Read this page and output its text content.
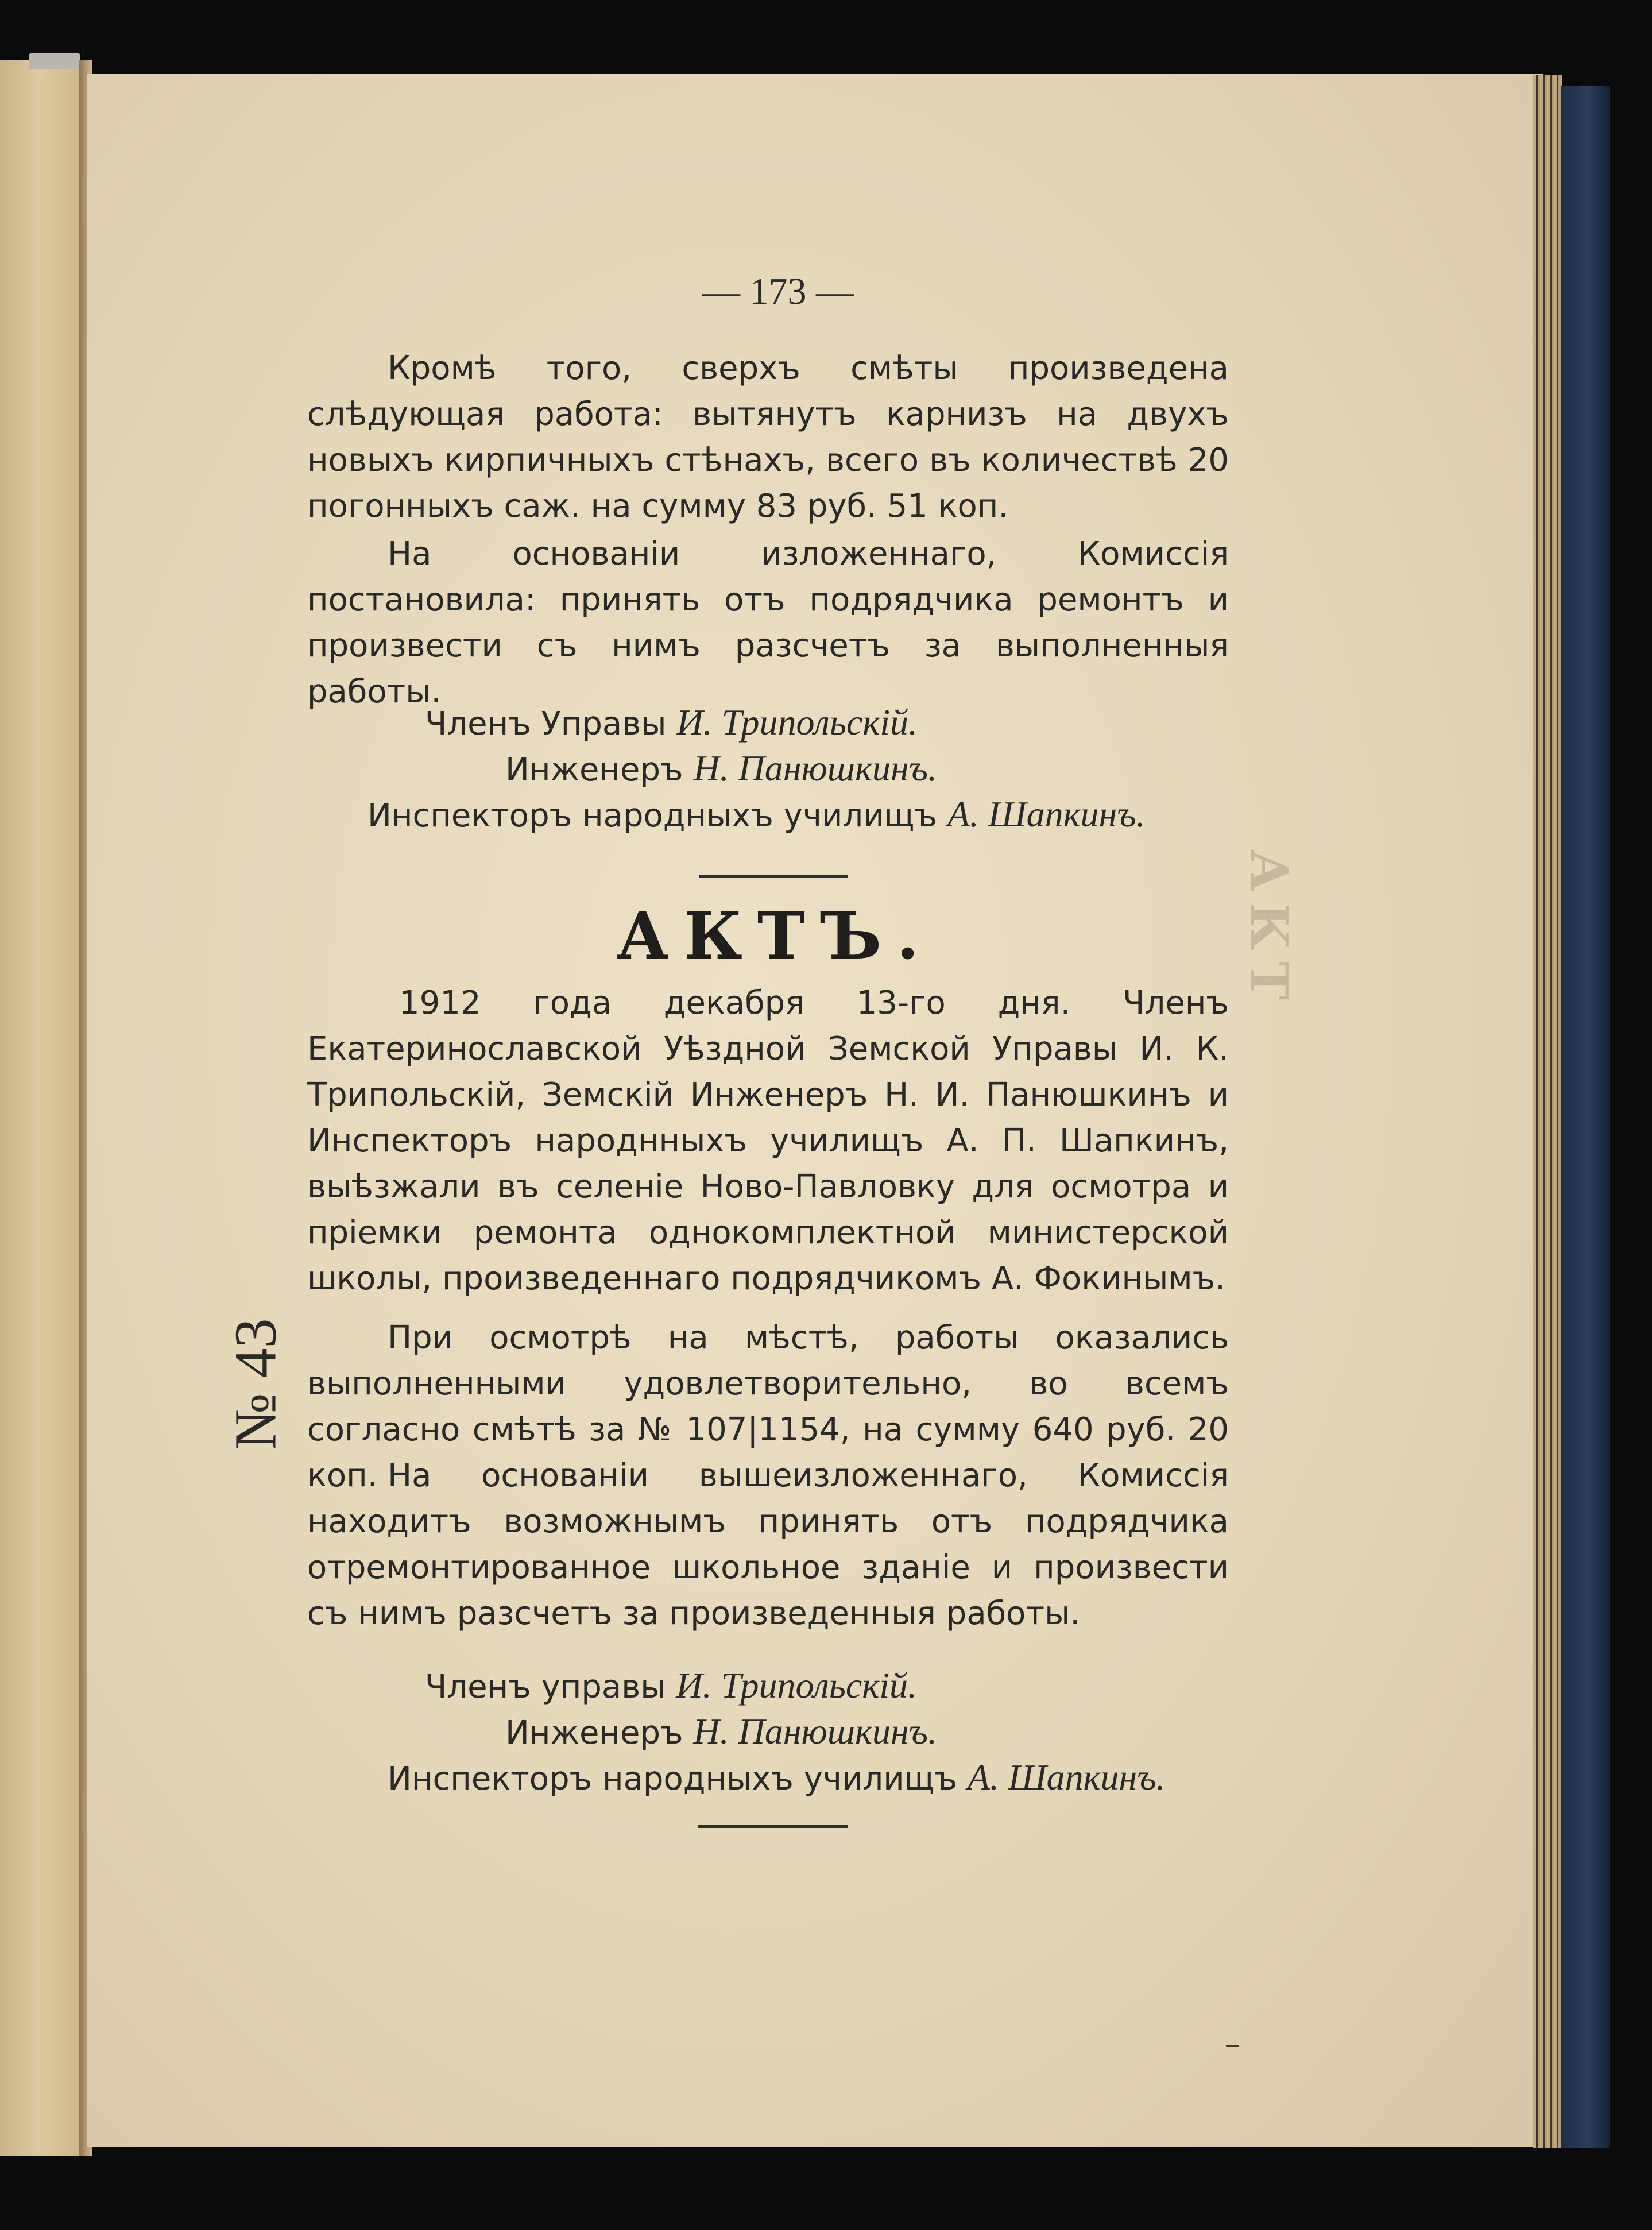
АКТ
— 173 —

Кромѣ того, сверхъ смѣты произведена слѣдующая работа: вытянутъ карнизъ на двухъ новыхъ кирпичныхъ стѣнахъ, всего въ количествѣ 20 погонныхъ саж. на сумму 83 руб. 51 коп.

На основаніи изложеннаго, Комиссія постановила: принять отъ подрядчика ремонтъ и произвести съ нимъ разсчетъ за выполненныя работы.

Членъ Управы И. Трипольскій.
Инженеръ Н. Панюшкинъ.
Инспекторъ народныхъ училищъ А. Шапкинъ.
АКТЪ.
№ 43

1912 года декабря 13-го дня. Членъ Екатеринославской Уѣздной Земской Управы И. К. Трипольскій, Земскій Инженеръ Н. И. Панюшкинъ и Инспекторъ народнныхъ училищъ А. П. Шапкинъ, выѣзжали въ селеніе Ново-Павловку для осмотра и пріемки ремонта однокомплектной министерской школы, произведеннаго подрядчикомъ А. Фокинымъ.

При осмотрѣ на мѣстѣ, работы оказались выполненными удовлетворительно, во всемъ согласно смѣтѣ за № 107|1154, на сумму 640 руб. 20 коп. На основаніи вышеизложеннаго, Комиссія находитъ возможнымъ принять отъ подрядчика отремонтированное школьное зданіе и произвести съ нимъ разсчетъ за произведенныя работы.

Членъ управы И. Трипольскій.
Инженеръ Н. Панюшкинъ.
Инспекторъ народныхъ училищъ А. Шапкинъ.
